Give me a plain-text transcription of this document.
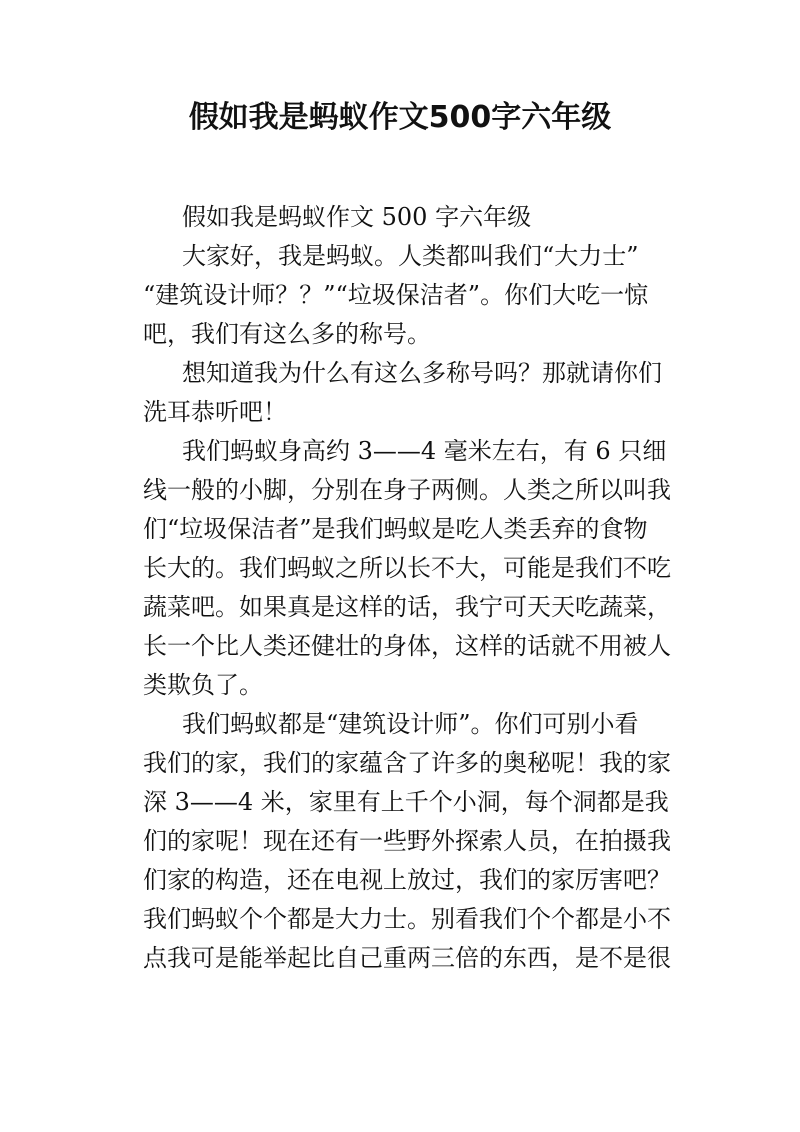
假如我是蚂蚁作文500字六年级
假如我是蚂蚁作文 500 字六年级
大家好，我是蚂蚁。人类都叫我们“大力士”
“建筑设计师？？”“垃圾保洁者”。你们大吃一惊
吧，我们有这么多的称号。
想知道我为什么有这么多称号吗？那就请你们
洗耳恭听吧！
我们蚂蚁身高约 3——4 毫米左右，有 6 只细
线一般的小脚，分别在身子两侧。人类之所以叫我
们“垃圾保洁者”是我们蚂蚁是吃人类丢弃的食物
长大的。我们蚂蚁之所以长不大，可能是我们不吃
蔬菜吧。如果真是这样的话，我宁可天天吃蔬菜，
长一个比人类还健壮的身体，这样的话就不用被人
类欺负了。
我们蚂蚁都是“建筑设计师”。你们可别小看
我们的家，我们的家蕴含了许多的奥秘呢！我的家
深 3——4 米，家里有上千个小洞，每个洞都是我
们的家呢！现在还有一些野外探索人员，在拍摄我
们家的构造，还在电视上放过，我们的家厉害吧？
我们蚂蚁个个都是大力士。别看我们个个都是小不
点我可是能举起比自己重两三倍的东西，是不是很
